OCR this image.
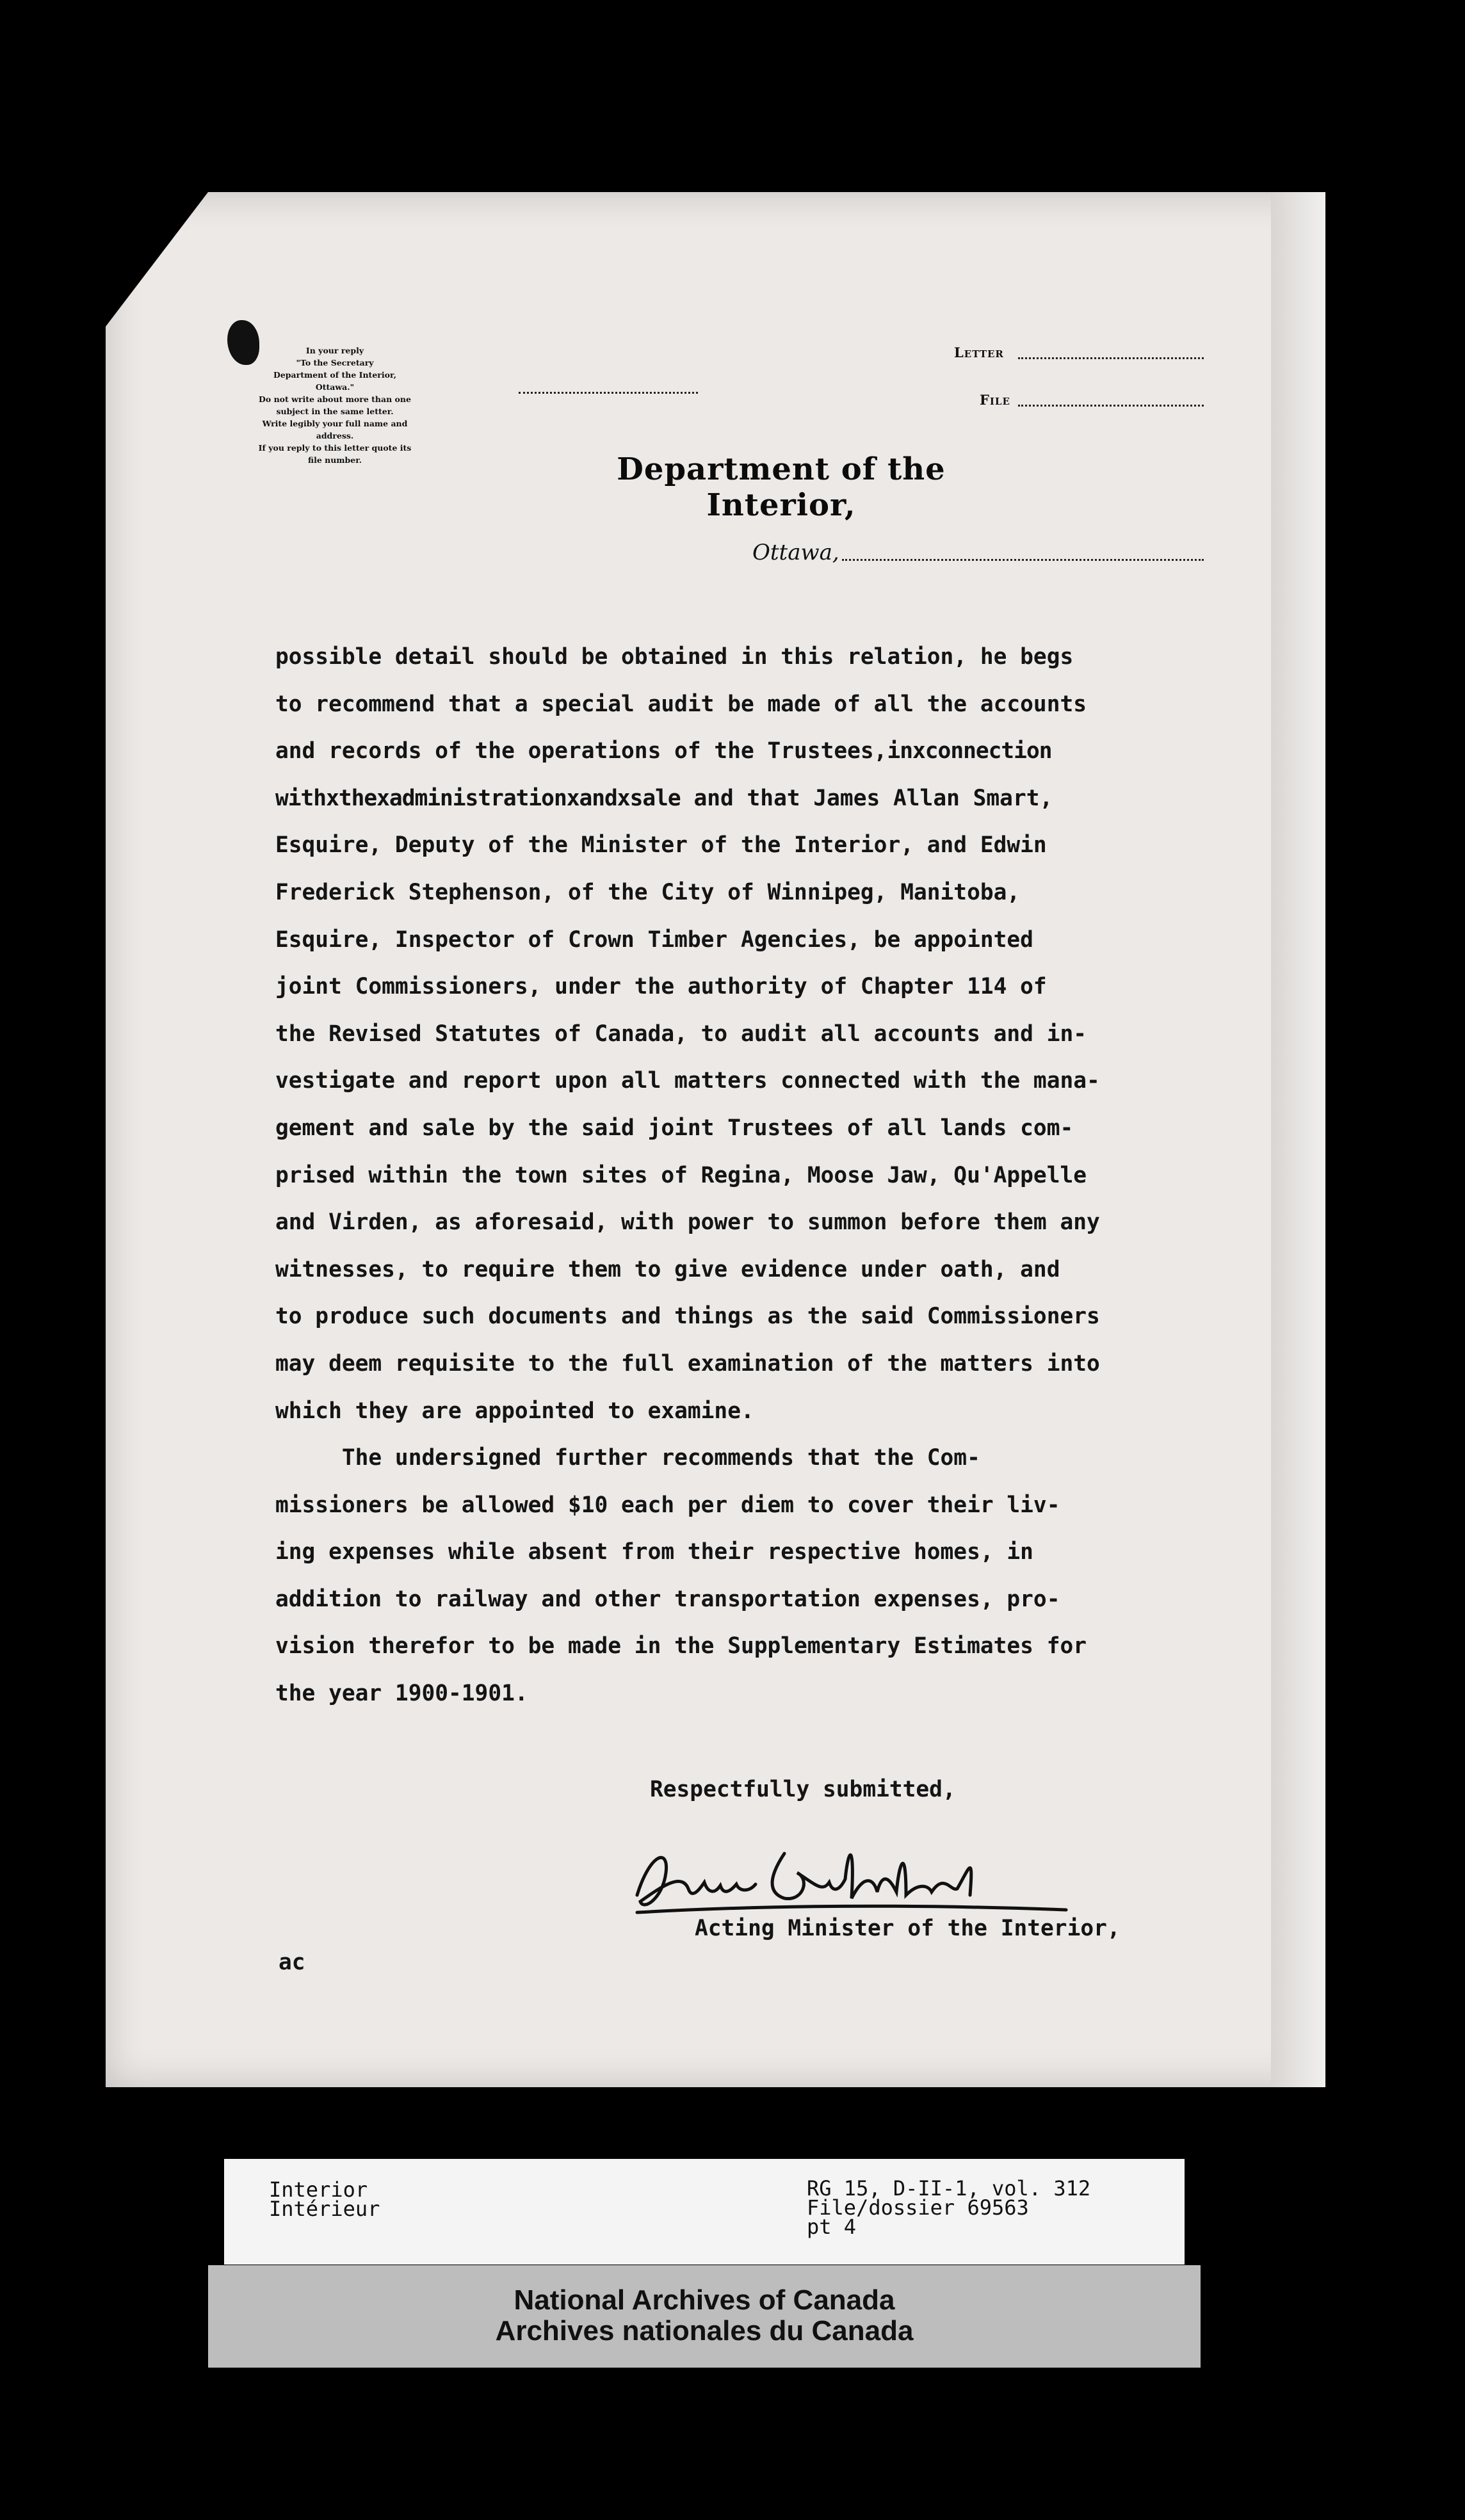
In your reply
"To the Secretary
Department of the Interior,
Ottawa."
Do not write about more than one
subject in the same letter.
Write legibly your full name and
address.
If you reply to this letter quote its
file number.
Letter
File
Department of the Interior,
Ottawa,
possible detail should be obtained in this relation, he begs
to recommend that a special audit be made of all the accounts
and records of the operations of the Trustees,inxconnection
withxthexadministrationxandxsale and that James Allan Smart,
Esquire, Deputy of the Minister of the Interior, and Edwin
Frederick Stephenson, of the City of Winnipeg, Manitoba,
Esquire, Inspector of Crown Timber Agencies, be appointed
joint Commissioners, under the authority of Chapter 114 of
the Revised Statutes of Canada, to audit all accounts and in-
vestigate and report upon all matters connected with the mana-
gement and sale by the said joint Trustees of all lands com-
prised within the town sites of Regina, Moose Jaw, Qu'Appelle
and Virden, as aforesaid, with power to summon before them any
witnesses, to require them to give evidence under oath, and
to produce such documents and things as the said Commissioners
may deem requisite to the full examination of the matters into
which they are appointed to examine.
The undersigned further recommends that the Com-
missioners be allowed $10 each per diem to cover their liv-
ing expenses while absent from their respective homes, in
addition to railway and other transportation expenses, pro-
vision therefor to be made in the Supplementary Estimates for
the year 1900-1901.
Respectfully submitted,
Acting Minister of the Interior,
ac
Interior
Intérieur
RG 15, D-II-1, vol. 312
File/dossier 69563
pt 4
National Archives of Canada
Archives nationales du Canada
